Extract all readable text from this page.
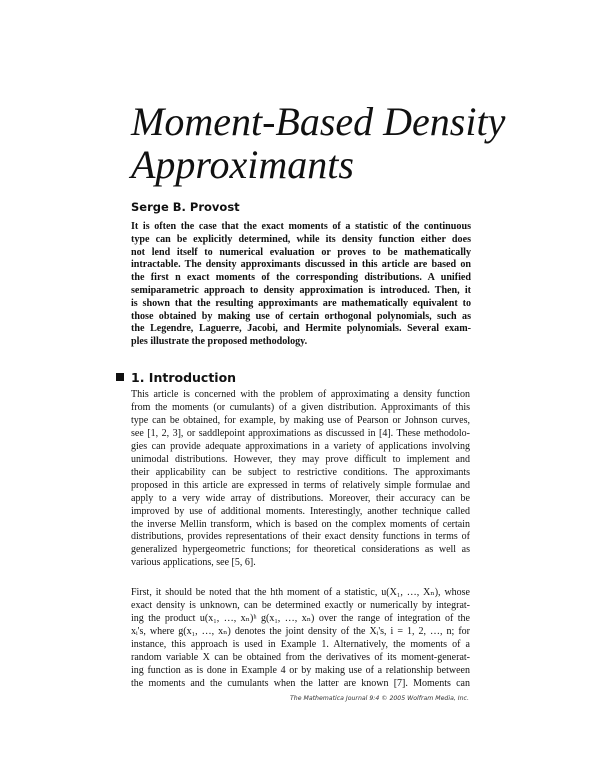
Moment-Based Density
Approximants
Serge B. Provost
It is often the case that the exact moments of a statistic of the continuous
type can be explicitly determined, while its density function either does
not lend itself to numerical evaluation or proves to be mathematically
intractable. The density approximants discussed in this article are based on
the first n exact moments of the corresponding distributions. A unified
semiparametric approach to density approximation is introduced. Then, it
is shown that the resulting approximants are mathematically equivalent to
those obtained by making use of certain orthogonal polynomials, such as
the Legendre, Laguerre, Jacobi, and Hermite polynomials. Several exam-
ples illustrate the proposed methodology.
1. Introduction
This article is concerned with the problem of approximating a density function
from the moments (or cumulants) of a given distribution. Approximants of this
type can be obtained, for example, by making use of Pearson or Johnson curves,
see [1, 2, 3], or saddlepoint approximations as discussed in [4]. These methodolo-
gies can provide adequate approximations in a variety of applications involving
unimodal distributions. However, they may prove difficult to implement and
their applicability can be subject to restrictive conditions. The approximants
proposed in this article are expressed in terms of relatively simple formulae and
apply to a very wide array of distributions. Moreover, their accuracy can be
improved by use of additional moments. Interestingly, another technique called
the inverse Mellin transform, which is based on the complex moments of certain
distributions, provides representations of their exact density functions in terms of
generalized hypergeometric functions; for theoretical considerations as well as
various applications, see [5, 6].
First, it should be noted that the hth moment of a statistic, u(X₁, …, Xₙ), whose
exact density is unknown, can be determined exactly or numerically by integrat-
ing the product u(x₁, …, xₙ)ʰ g(x₁, …, xₙ) over the range of integration of the
xᵢ's, where g(x₁, …, xₙ) denotes the joint density of the Xᵢ's, i = 1, 2, …, n; for
instance, this approach is used in Example 1. Alternatively, the moments of a
random variable X can be obtained from the derivatives of its moment-generat-
ing function as is done in Example 4 or by making use of a relationship between
the moments and the cumulants when the latter are known [7]. Moments can
The Mathematica Journal 9:4 © 2005 Wolfram Media, Inc.
